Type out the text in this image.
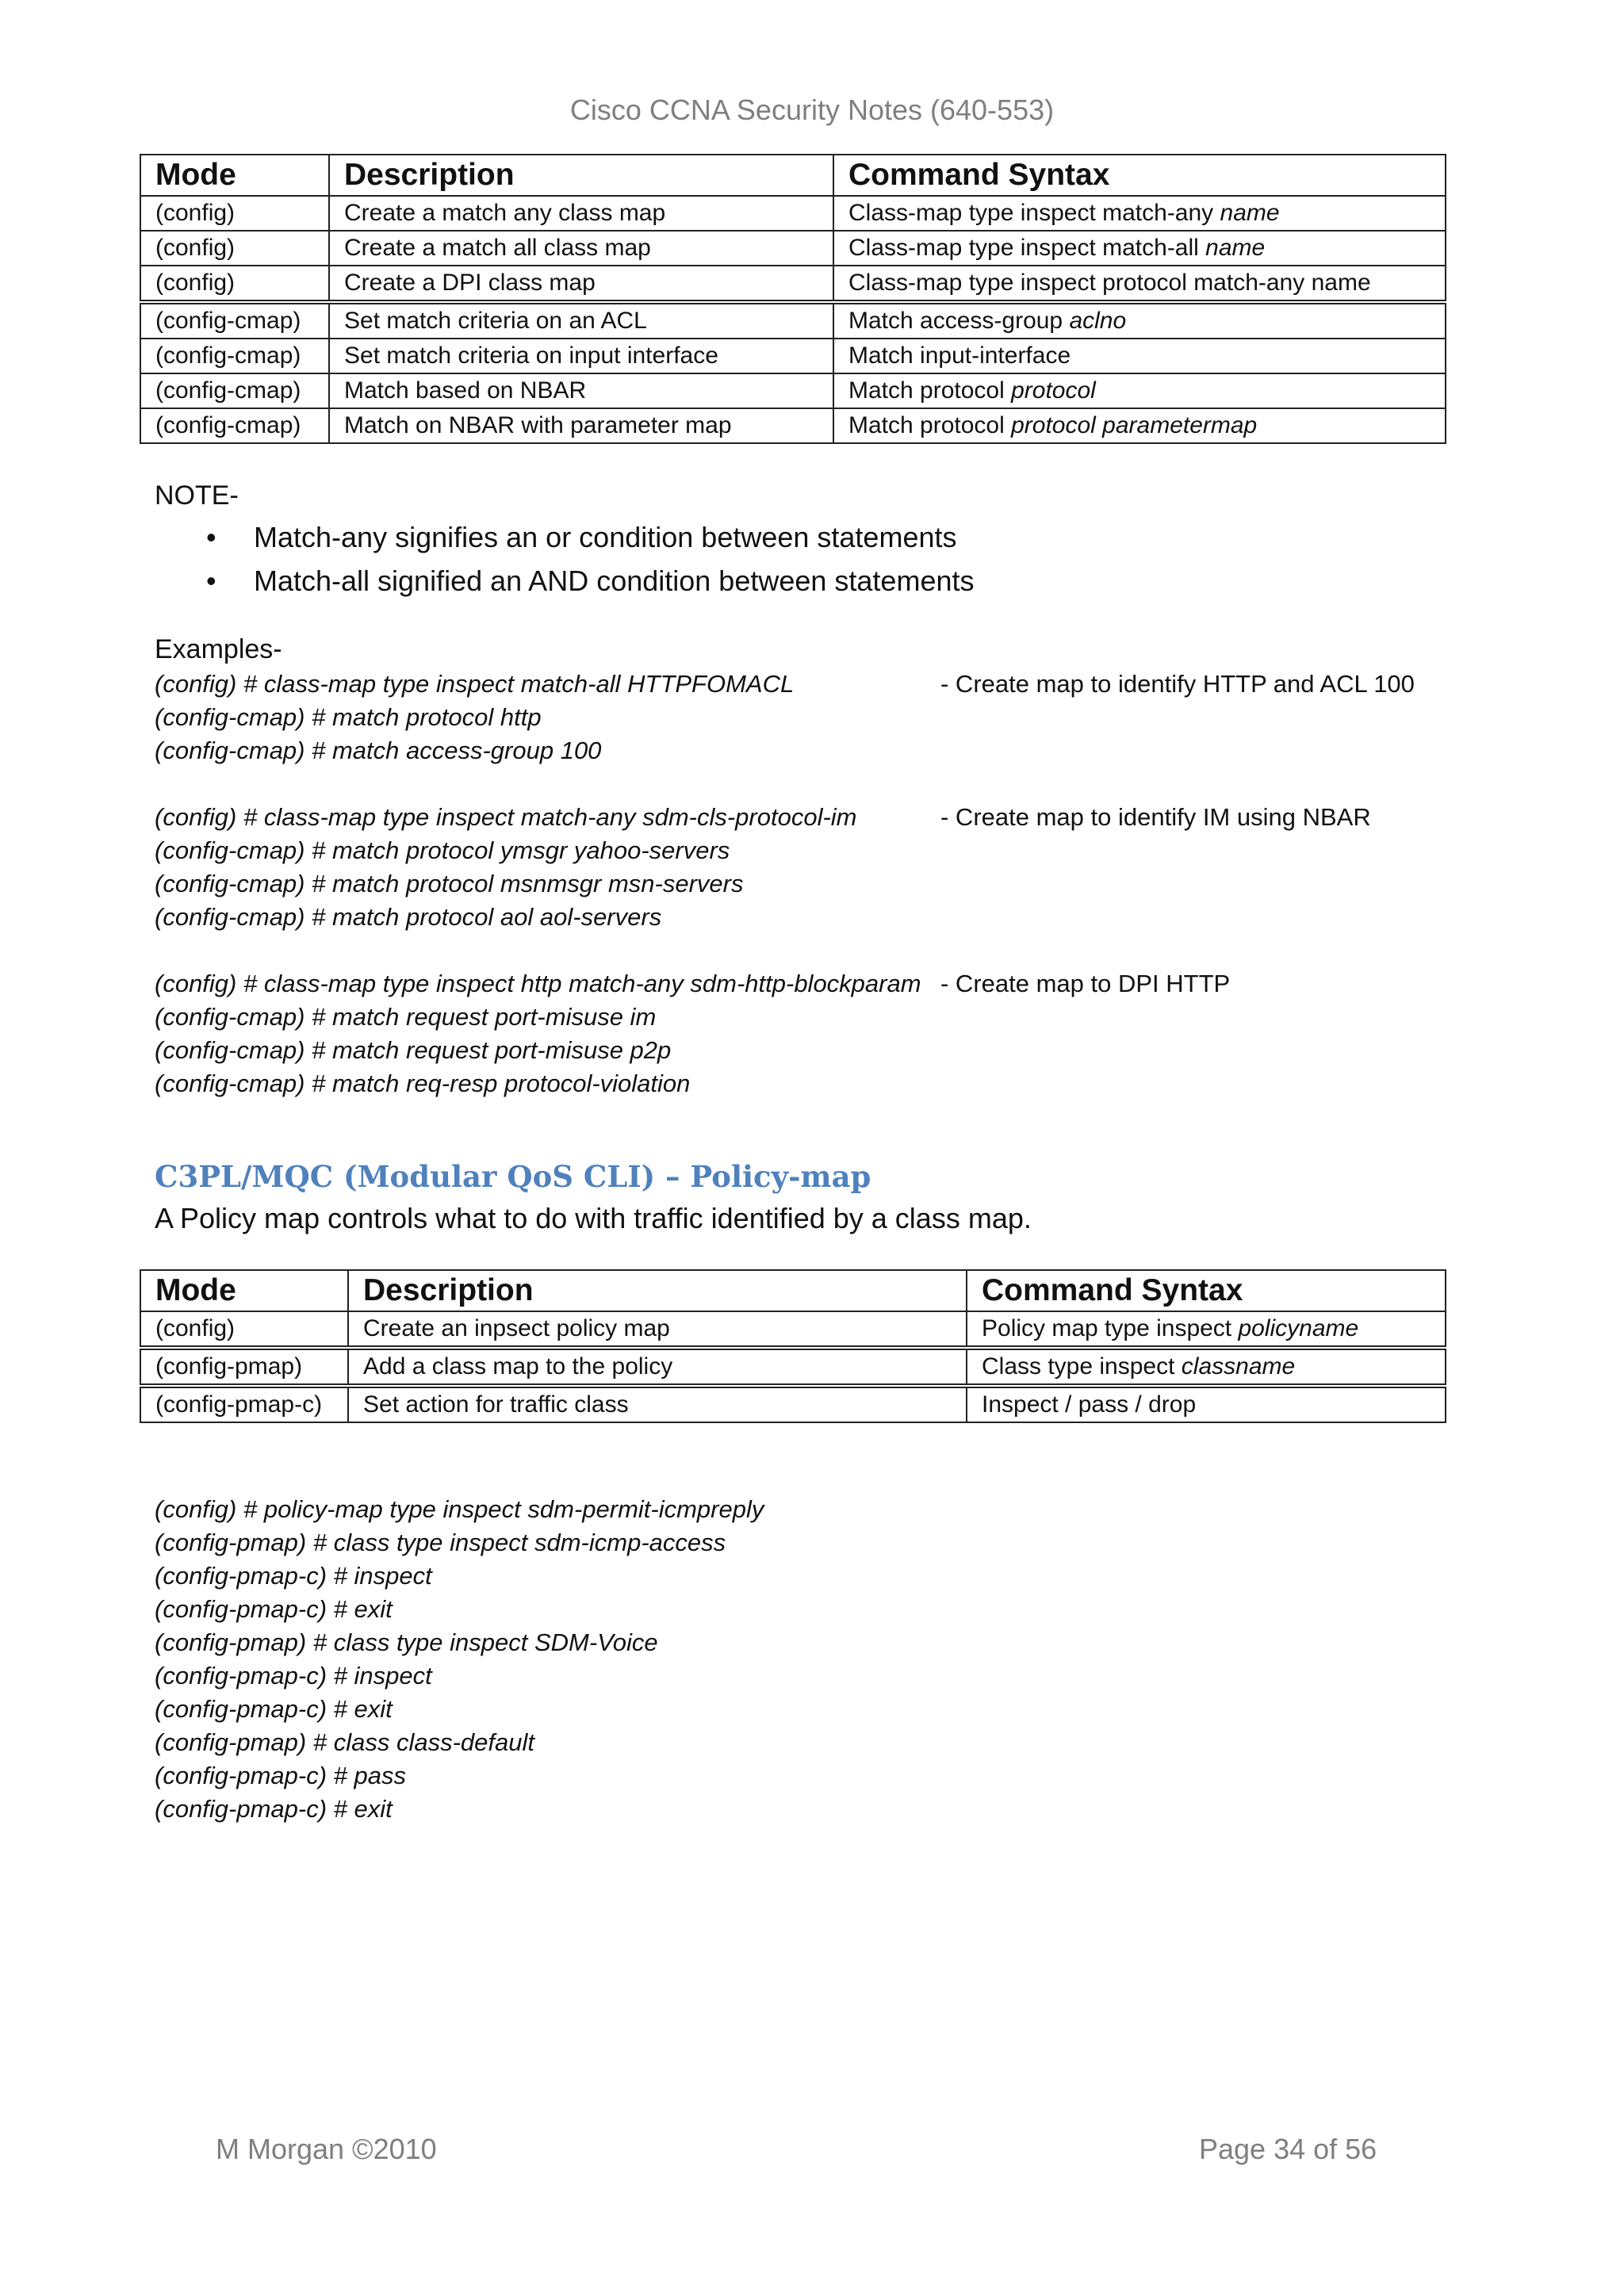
Cisco CCNA Security Notes (640-553)
Mode	Description	Command Syntax
(config)	Create a match any class map	Class-map type inspect match-any name
(config)	Create a match all class map	Class-map type inspect match-all name
(config)	Create a DPI class map	Class-map type inspect protocol match-any name
(config-cmap)	Set match criteria on an ACL	Match access-group aclno
(config-cmap)	Set match criteria on input interface	Match input-interface
(config-cmap)	Match based on NBAR	Match protocol protocol
(config-cmap)	Match on NBAR with parameter map	Match protocol protocol parametermap
NOTE-
• Match-any signifies an or condition between statements
• Match-all signified an AND condition between statements
Examples-
(config) # class-map type inspect match-all HTTPFOMACL	- Create map to identify HTTP and ACL 100
(config-cmap) # match protocol http
(config-cmap) # match access-group 100
(config) # class-map type inspect match-any sdm-cls-protocol-im	- Create map to identify IM using NBAR
(config-cmap) # match protocol ymsgr yahoo-servers
(config-cmap) # match protocol msnmsgr msn-servers
(config-cmap) # match protocol aol aol-servers
(config) # class-map type inspect http match-any sdm-http-blockparam - Create map to DPI HTTP
(config-cmap) # match request port-misuse im
(config-cmap) # match request port-misuse p2p
(config-cmap) # match req-resp protocol-violation
C3PL/MQC (Modular QoS CLI) – Policy-map
A Policy map controls what to do with traffic identified by a class map.
Mode	Description	Command Syntax
(config)	Create an inpsect policy map	Policy map type inspect policyname
(config-pmap)	Add a class map to the policy	Class type inspect classname
(config-pmap-c)	Set action for traffic class	Inspect / pass / drop
(config) # policy-map type inspect sdm-permit-icmpreply
(config-pmap) # class type inspect sdm-icmp-access
(config-pmap-c) # inspect
(config-pmap-c) # exit
(config-pmap) # class type inspect SDM-Voice
(config-pmap-c) # inspect
(config-pmap-c) # exit
(config-pmap) # class class-default
(config-pmap-c) # pass
(config-pmap-c) # exit
M Morgan ©2010	Page 34 of 56
